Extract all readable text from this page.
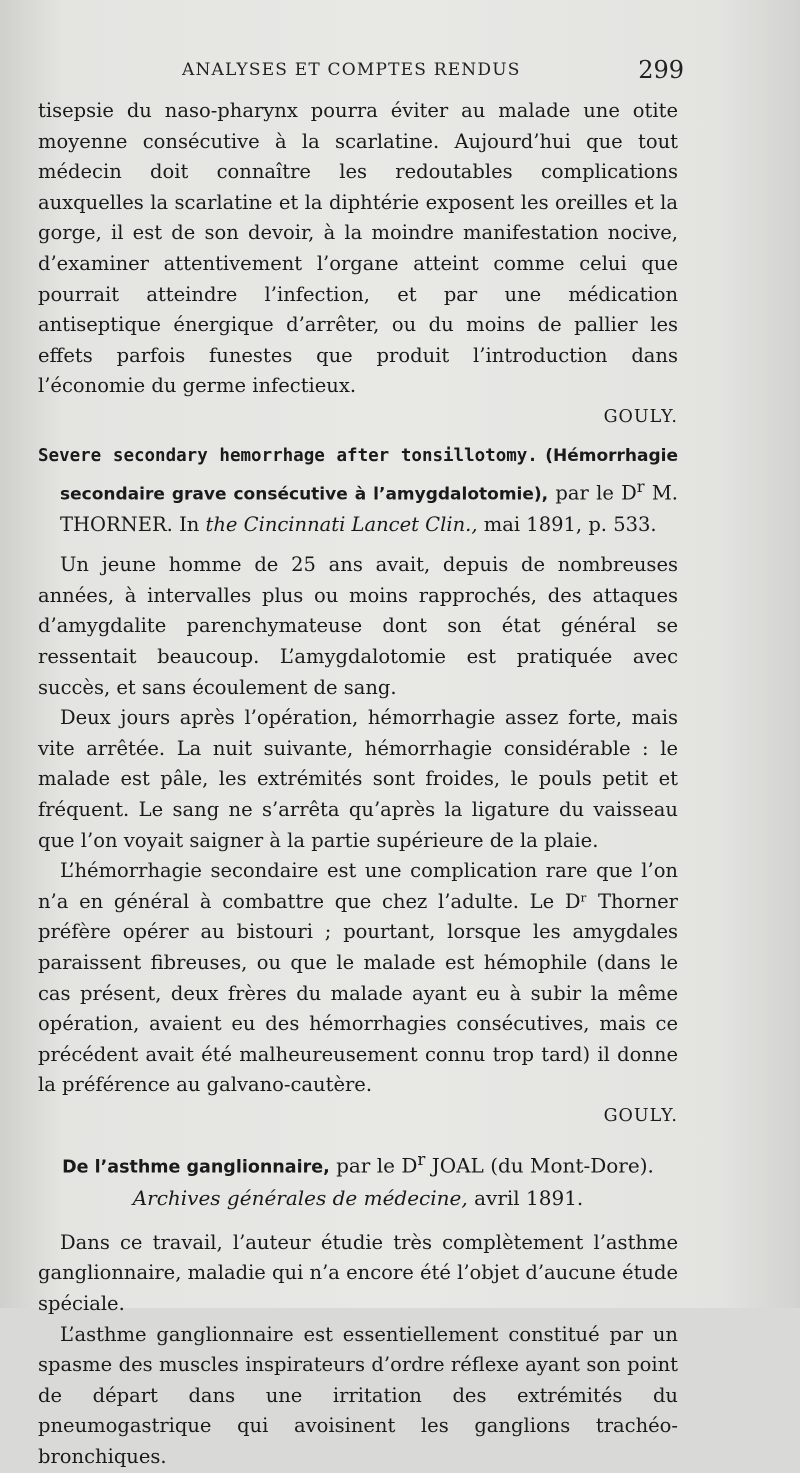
ANALYSES ET COMPTES RENDUS	299

tisepsie du naso-pharynx pourra éviter au malade une otite moyenne consécutive à la scarlatine. Aujourd’hui que tout médecin doit connaître les redoutables complications auxquelles la scarlatine et la diphtérie exposent les oreilles et la gorge, il est de son devoir, à la moindre manifestation nocive, d’examiner attentivement l’organe atteint comme celui que pourrait atteindre l’infection, et par une médication antiseptique énergique d’arrêter, ou du moins de pallier les effets parfois funestes que produit l’introduction dans l’économie du germe infectieux.

GOULY.

Severe secondary hemorrhage after tonsillotomy. (Hémorrhagie secondaire grave consécutive à l’amygdalotomie), par le $D^r$ M. THORNER. In the Cincinnati Lancet Clin., mai 1891, p. 533.

Un jeune homme de 25 ans avait, depuis de nombreuses années, à intervalles plus ou moins rapprochés, des attaques d’amygdalite parenchymateuse dont son état général se ressentait beaucoup. L’amygdalotomie est pratiquée avec succès, et sans écoulement de sang.

Deux jours après l’opération, hémorrhagie assez forte, mais vite arrêtée. La nuit suivante, hémorrhagie considérable : le malade est pâle, les extrémités sont froides, le pouls petit et fréquent. Le sang ne s’arrêta qu’après la ligature du vaisseau que l’on voyait saigner à la partie supérieure de la plaie.

L’hémorrhagie secondaire est une complication rare que l’on n’a en général à combattre que chez l’adulte. Le Dʳ Thorner préfère opérer au bistouri ; pourtant, lorsque les amygdales paraissent fibreuses, ou que le malade est hémophile (dans le cas présent, deux frères du malade ayant eu à subir la même opération, avaient eu des hémorrhagies consécutives, mais ce précédent avait été malheureusement connu trop tard) il donne la préférence au galvano-cautère.

GOULY.

De l’asthme ganglionnaire, par le $D^r$ JOAL (du Mont-Dore). Archives générales de médecine, avril 1891.

Dans ce travail, l’auteur étudie très complètement l’asthme ganglionnaire, maladie qui n’a encore été l’objet d’aucune étude spéciale.

L’asthme ganglionnaire est essentiellement constitué par un spasme des muscles inspirateurs d’ordre réflexe ayant son point de départ dans une irritation des extrémités du pneumogastrique qui avoisinent les ganglions trachéo-bronchiques.
